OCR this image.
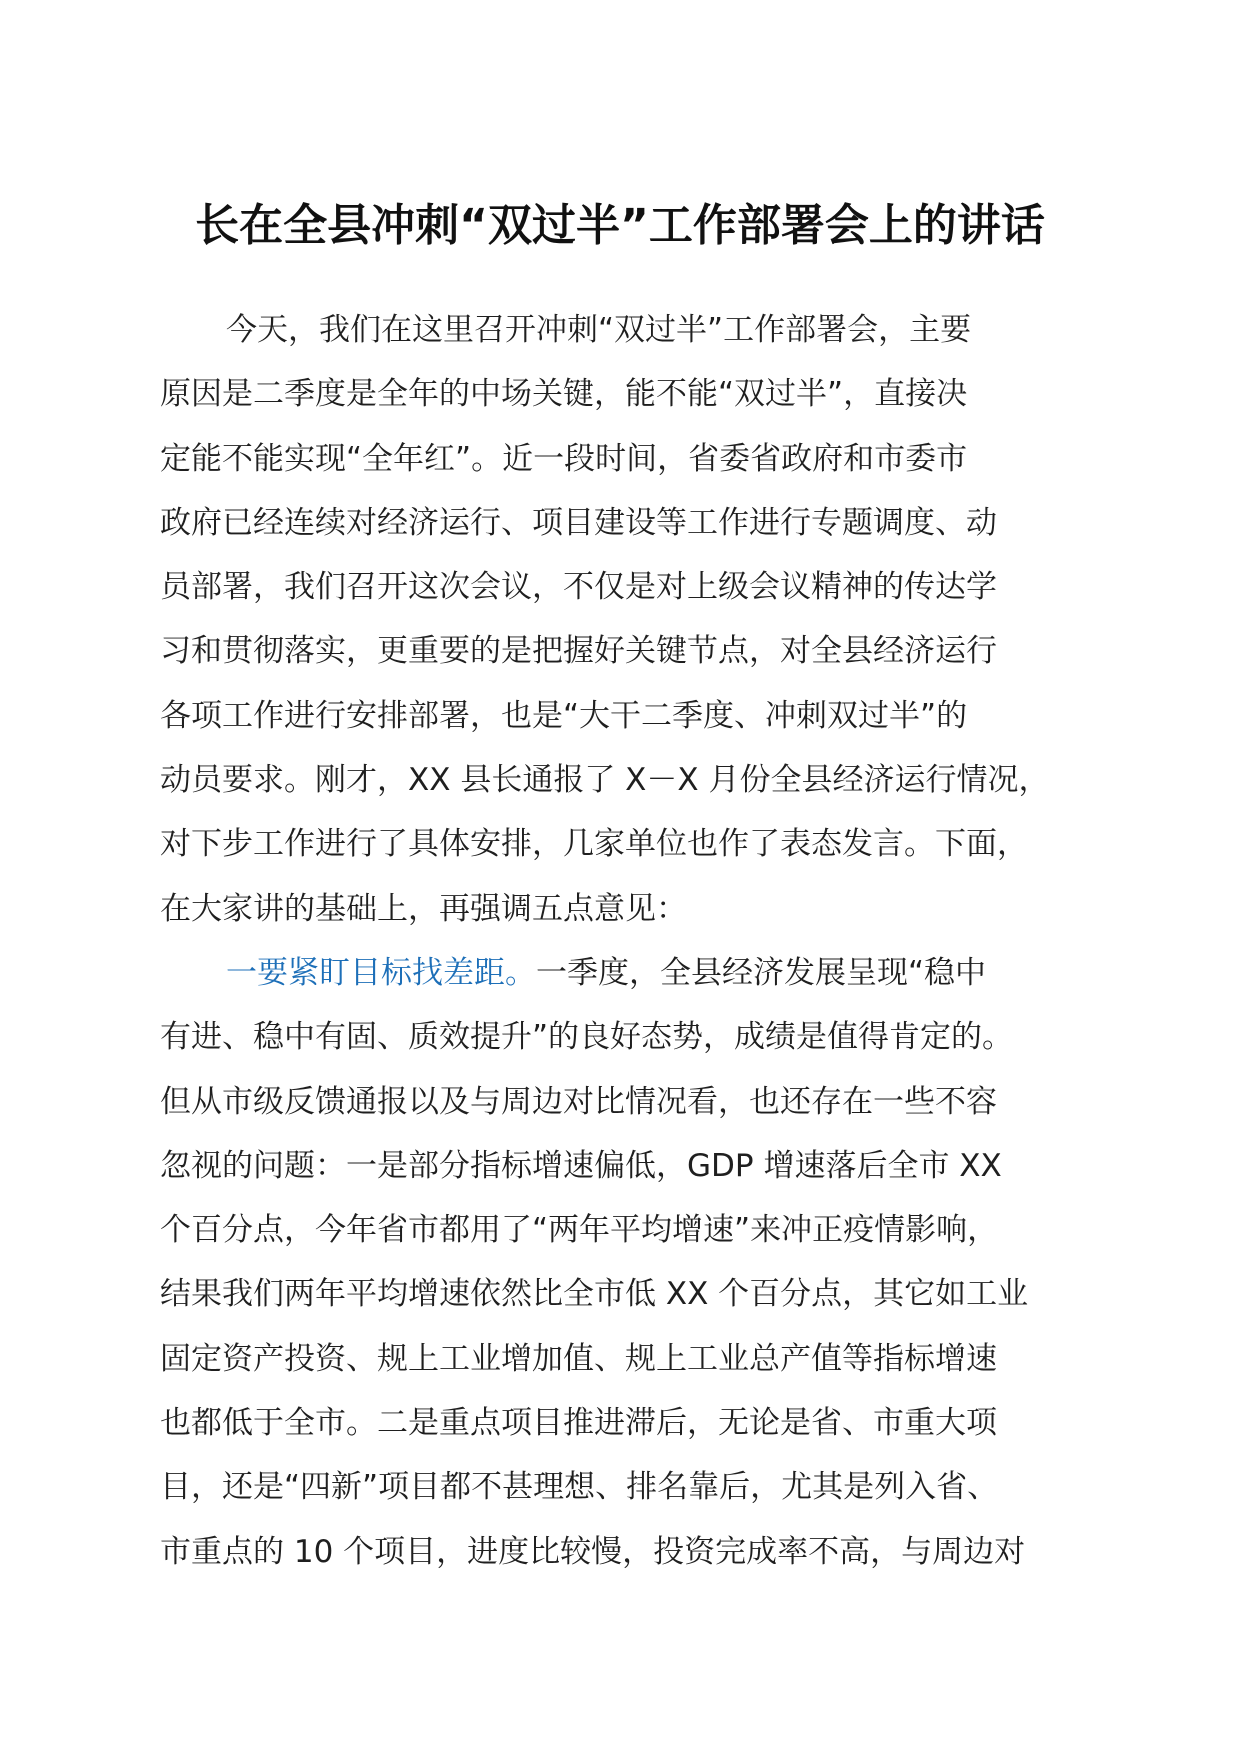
长在全县冲刺“双过半”工作部署会上的讲话

今天，我们在这里召开冲刺“双过半”工作部署会，主要
原因是二季度是全年的中场关键，能不能“双过半”，直接决
定能不能实现“全年红”。近一段时间，省委省政府和市委市
政府已经连续对经济运行、项目建设等工作进行专题调度、动
员部署，我们召开这次会议，不仅是对上级会议精神的传达学
习和贯彻落实，更重要的是把握好关键节点，对全县经济运行
各项工作进行安排部署，也是“大干二季度、冲刺双过半”的
动员要求。刚才，XX 县长通报了 X－X 月份全县经济运行情况，
对下步工作进行了具体安排，几家单位也作了表态发言。下面，
在大家讲的基础上，再强调五点意见：

一要紧盯目标找差距。一季度，全县经济发展呈现“稳中
有进、稳中有固、质效提升”的良好态势，成绩是值得肯定的。
但从市级反馈通报以及与周边对比情况看，也还存在一些不容
忽视的问题：一是部分指标增速偏低，GDP 增速落后全市 XX
个百分点，今年省市都用了“两年平均增速”来冲正疫情影响，
结果我们两年平均增速依然比全市低 XX 个百分点，其它如工业
固定资产投资、规上工业增加值、规上工业总产值等指标增速
也都低于全市。二是重点项目推进滞后，无论是省、市重大项
目，还是“四新”项目都不甚理想、排名靠后，尤其是列入省、
市重点的 10 个项目，进度比较慢，投资完成率不高，与周边对
